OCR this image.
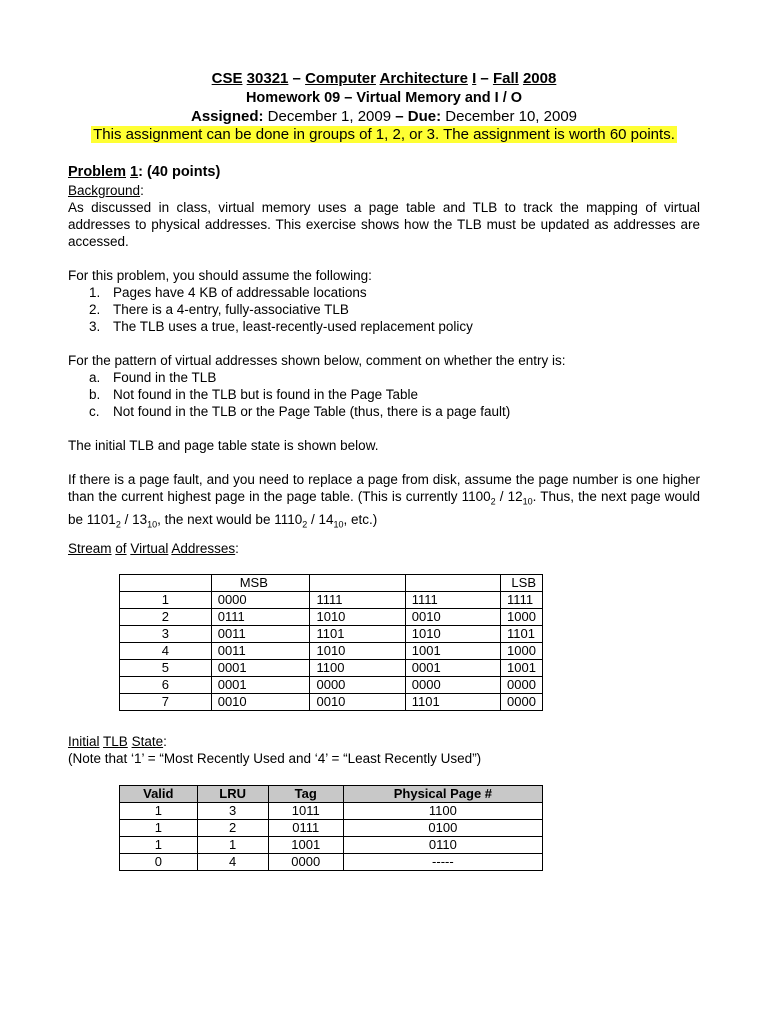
CSE 30321 – Computer Architecture I – Fall 2008
Homework 09 – Virtual Memory and I / O
Assigned: December 1, 2009 – Due: December 10, 2009
This assignment can be done in groups of 1, 2, or 3. The assignment is worth 60 points.
Problem 1: (40 points)
Background:
As discussed in class, virtual memory uses a page table and TLB to track the mapping of virtual addresses to physical addresses. This exercise shows how the TLB must be updated as addresses are accessed.
For this problem, you should assume the following:
1. Pages have 4 KB of addressable locations
2. There is a 4-entry, fully-associative TLB
3. The TLB uses a true, least-recently-used replacement policy
For the pattern of virtual addresses shown below, comment on whether the entry is:
a. Found in the TLB
b. Not found in the TLB but is found in the Page Table
c. Not found in the TLB or the Page Table (thus, there is a page fault)
The initial TLB and page table state is shown below.
If there is a page fault, and you need to replace a page from disk, assume the page number is one higher than the current highest page in the page table. (This is currently $1100_2 / 12_{10}$. Thus, the next page would be $1101_2 / 13_{10}$, the next would be $1110_2 / 14_{10}$, etc.)
Stream of Virtual Addresses:
	MSB			LSB
1	0000	1111	1111	1111
2	0111	1010	0010	1000
3	0011	1101	1010	1101
4	0011	1010	1001	1000
5	0001	1100	0001	1001
6	0001	0000	0000	0000
7	0010	0010	1101	0000
Initial TLB State:
(Note that ‘1’ = “Most Recently Used and ‘4’ = “Least Recently Used”)
Valid	LRU	Tag	Physical Page #
1	3	1011	1100
1	2	0111	0100
1	1	1001	0110
0	4	0000	-----
